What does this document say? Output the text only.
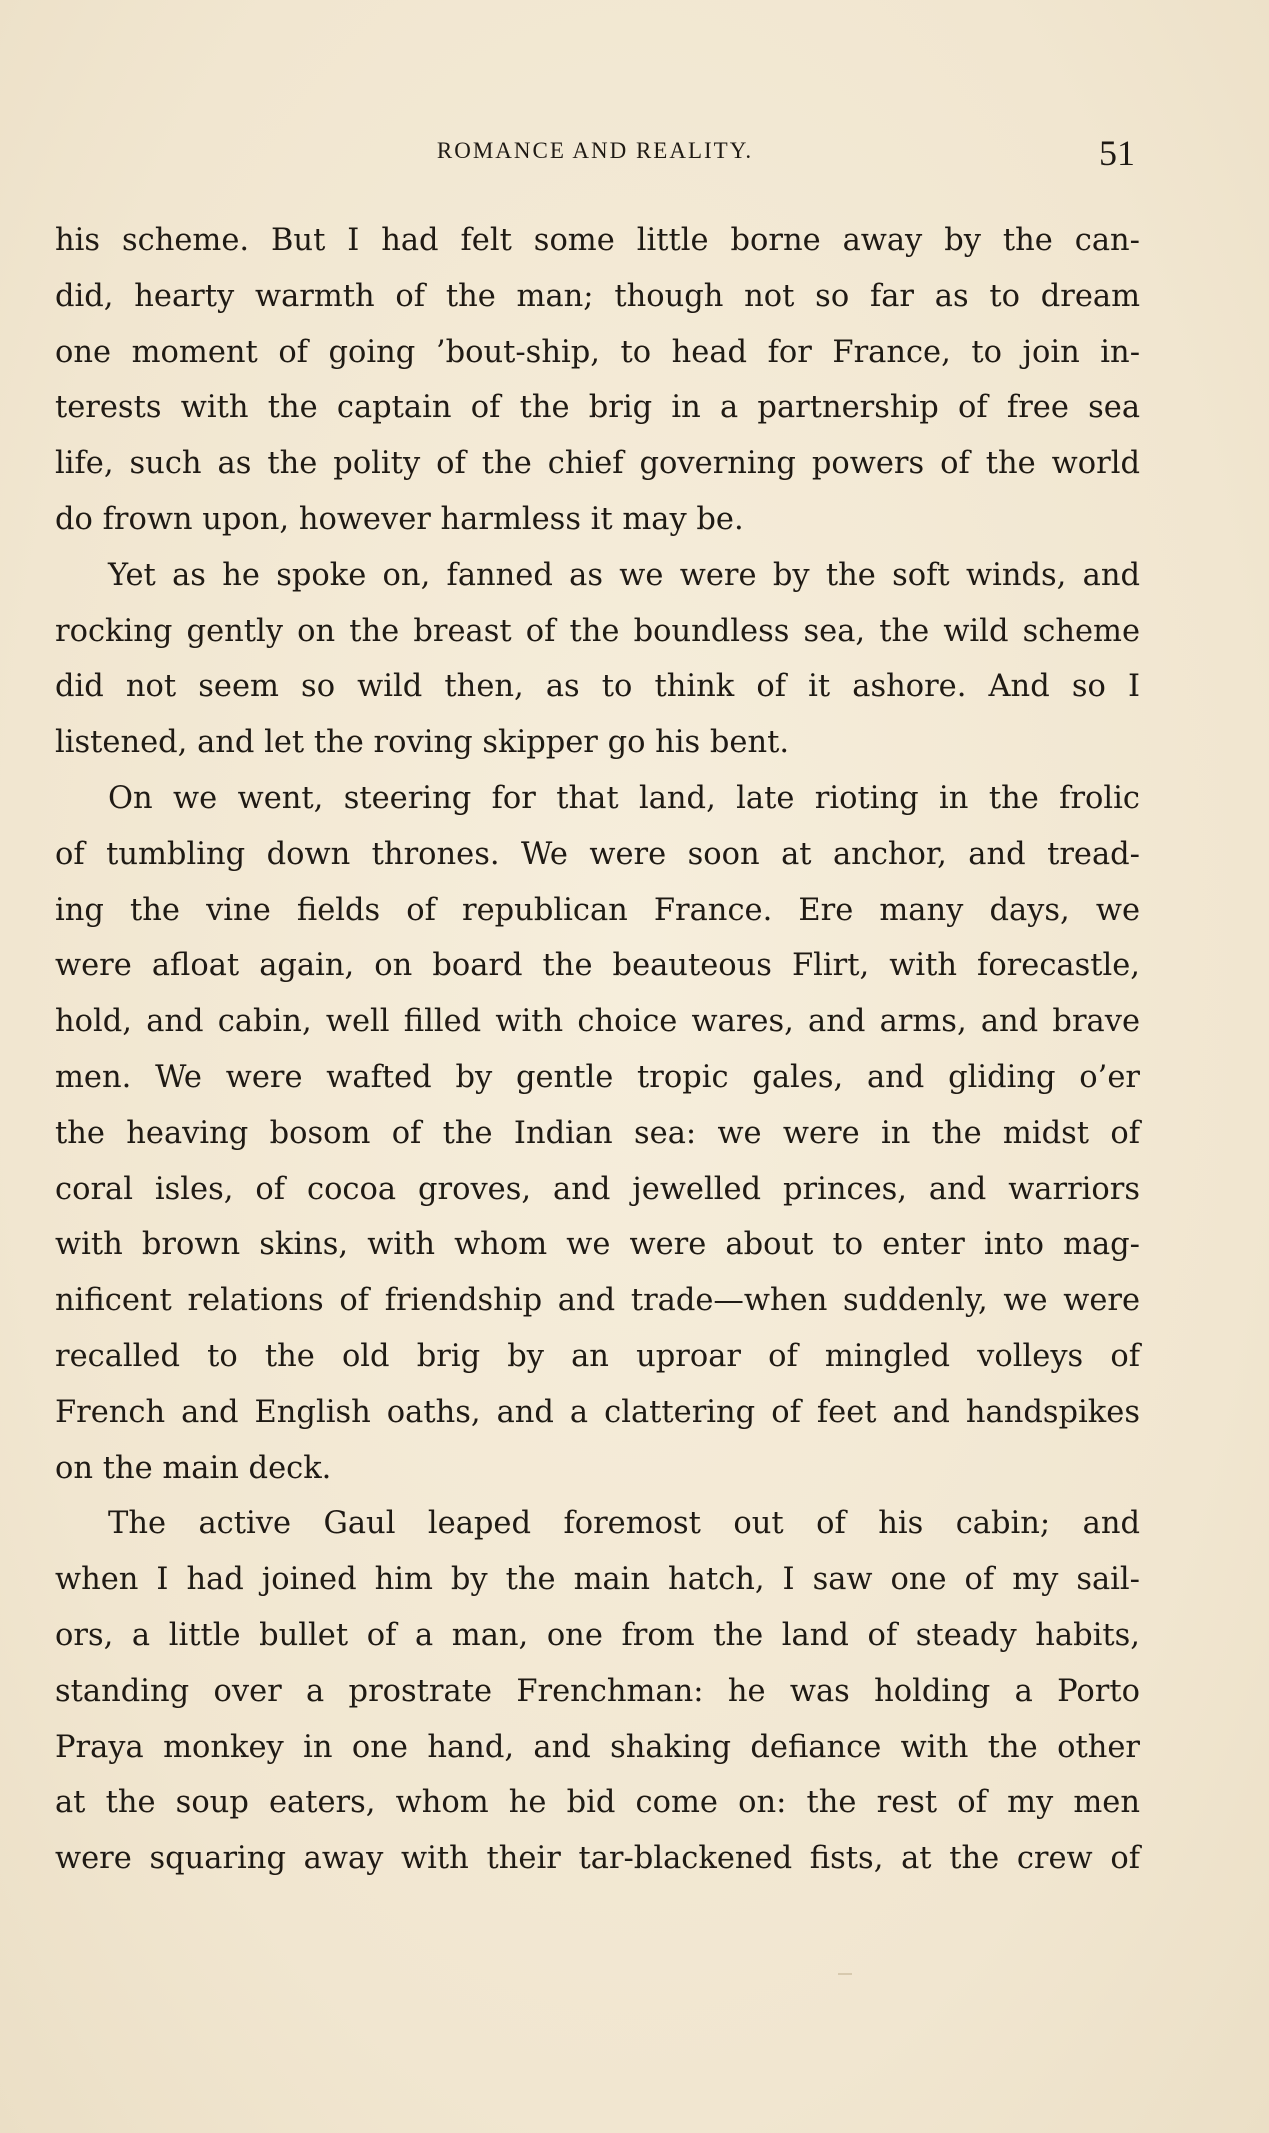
ROMANCE AND REALITY.	51
his scheme. But I had felt some little borne away by the can-
did, hearty warmth of the man; though not so far as to dream
one moment of going ’bout-ship, to head for France, to join in-
terests with the captain of the brig in a partnership of free sea
life, such as the polity of the chief governing powers of the world
do frown upon, however harmless it may be.
Yet as he spoke on, fanned as we were by the soft winds, and
rocking gently on the breast of the boundless sea, the wild scheme
did not seem so wild then, as to think of it ashore. And so I
listened, and let the roving skipper go his bent.
On we went, steering for that land, late rioting in the frolic
of tumbling down thrones. We were soon at anchor, and tread-
ing the vine fields of republican France. Ere many days, we
were afloat again, on board the beauteous Flirt, with forecastle,
hold, and cabin, well filled with choice wares, and arms, and brave
men. We were wafted by gentle tropic gales, and gliding o’er
the heaving bosom of the Indian sea: we were in the midst of
coral isles, of cocoa groves, and jewelled princes, and warriors
with brown skins, with whom we were about to enter into mag-
nificent relations of friendship and trade—when suddenly, we were
recalled to the old brig by an uproar of mingled volleys of
French and English oaths, and a clattering of feet and handspikes
on the main deck.
The active Gaul leaped foremost out of his cabin; and
when I had joined him by the main hatch, I saw one of my sail-
ors, a little bullet of a man, one from the land of steady habits,
standing over a prostrate Frenchman: he was holding a Porto
Praya monkey in one hand, and shaking defiance with the other
at the soup eaters, whom he bid come on: the rest of my men
were squaring away with their tar-blackened fists, at the crew of
